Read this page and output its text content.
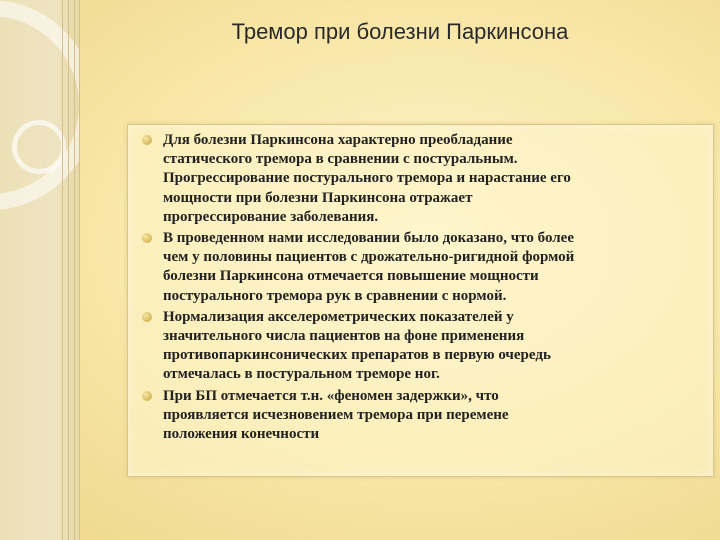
Тремор при болезни Паркинсона
Для болезни Паркинсона характерно преобладание
статического тремора в сравнении с постуральным.
Прогрессирование постурального тремора и нарастание его
мощности при болезни Паркинсона отражает
прогрессирование заболевания.
В проведенном нами исследовании было доказано, что более
чем у половины пациентов с дрожательно-ригидной формой
болезни Паркинсона отмечается повышение мощности
постурального тремора рук в сравнении с нормой.
Нормализация акселерометрических показателей у
значительного числа пациентов на фоне применения
противопаркинсонических препаратов в первую очередь
отмечалась в постуральном треморе ног.
При БП отмечается т.н. «феномен задержки», что
проявляется исчезновением тремора при перемене
положения конечности
